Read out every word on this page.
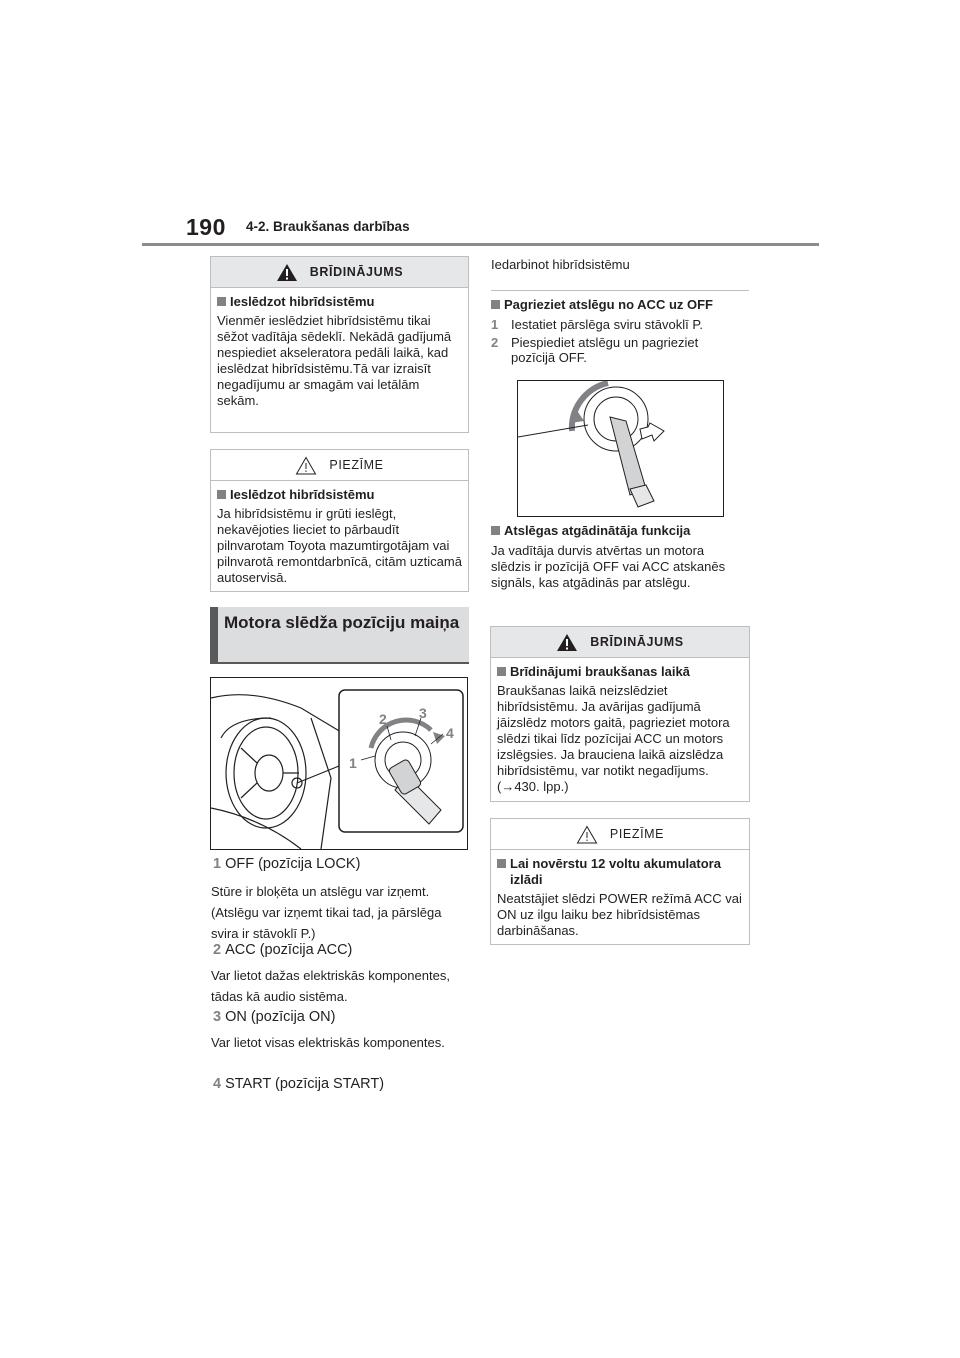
190 4-2. Braukšanas darbības
BRĪDINĀJUMS
Ieslēdzot hibrīdsistēmu

Vienmēr ieslēdziet hibrīdsistēmu tikai sēžot vadītāja sēdeklī. Nekādā gadījumā nespiediet akseleratora pedāli laikā, kad ieslēdzat hibrīdsistēmu.Tā var izraisīt negadījumu ar smagām vai letālām sekām.

PIEZĪME
Ieslēdzot hibrīdsistēmu

Ja hibrīdsistēmu ir grūti ieslēgt, nekavējoties lieciet to pārbaudīt pilnvarotam Toyota mazumtirgotājam vai pilnvarotā remontdarbnīcā, citām uzticamā autoservisā.

Motora slēdža pozīciju maiņa
1
2 3
4
1 OFF (pozīcija LOCK)
Stūre ir bloķēta un atslēgu var izņemt. (Atslēgu var izņemt tikai tad, ja pārslēga svira ir stāvoklī P.)
2 ACC (pozīcija ACC)
Var lietot dažas elektriskās komponentes, tādas kā audio sistēma.
3 ON (pozīcija ON)
Var lietot visas elektriskās komponentes.
4 START (pozīcija START)
Iedarbinot hibrīdsistēmu
Pagrieziet atslēgu no ACC uz OFF
1 Iestatiet pārslēga sviru stāvoklī P.
2 Piespiediet atslēgu un pagrieziet pozīcijā OFF.
Atslēgas atgādinātāja funkcija
Ja vadītāja durvis atvērtas un motora slēdzis ir pozīcijā OFF vai ACC atskanēs signāls, kas atgādinās par atslēgu.
BRĪDINĀJUMS
Brīdinājumi braukšanas laikā

Braukšanas laikā neizslēdziet hibrīdsistēmu. Ja avārijas gadījumā jāizslēdz motors gaitā, pagrieziet motora slēdzi tikai līdz pozīcijai ACC un motors izslēgsies. Ja brauciena laikā aizslēdza hibrīdsistēmu, var notikt negadījums. (→430. lpp.)

PIEZĪME
Lai novērstu 12 voltu akumulatora izlādi

Neatstājiet slēdzi POWER režīmā ACC vai ON uz ilgu laiku bez hibrīdsistēmas darbināšanas.
